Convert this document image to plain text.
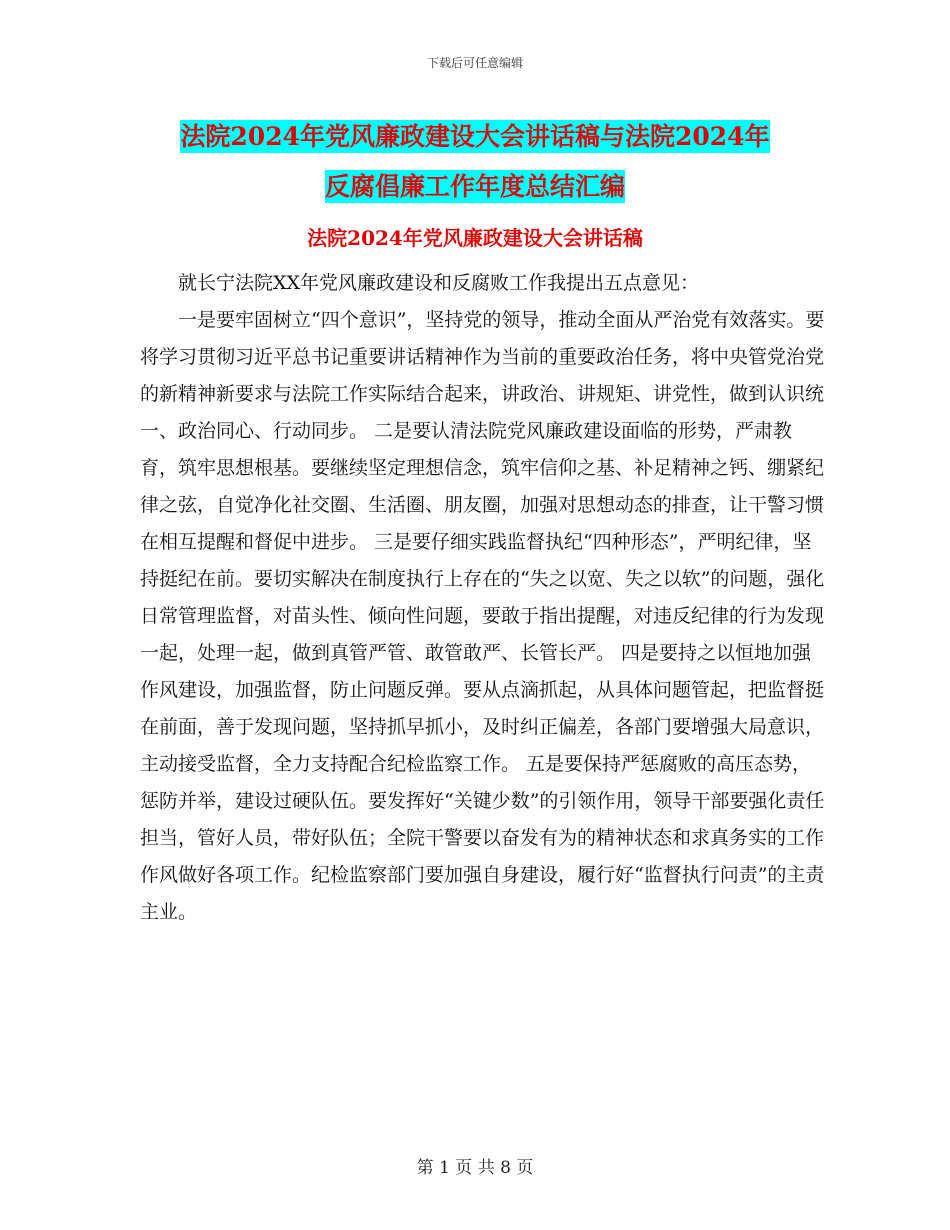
下载后可任意编辑
法院2024年党风廉政建设大会讲话稿与法院2024年
反腐倡廉工作年度总结汇编
法院2024年党风廉政建设大会讲话稿

就长宁法院XX年党风廉政建设和反腐败工作我提出五点意见：

一是要牢固树立“四个意识”，坚持党的领导，推动全面从严治党有效落实。要将学习贯彻习近平总书记重要讲话精神作为当前的重要政治任务，将中央管党治党的新精神新要求与法院工作实际结合起来，讲政治、讲规矩、讲党性，做到认识统一、政治同心、行动同步。 二是要认清法院党风廉政建设面临的形势，严肃教育，筑牢思想根基。要继续坚定理想信念，筑牢信仰之基、补足精神之钙、绷紧纪律之弦，自觉净化社交圈、生活圈、朋友圈，加强对思想动态的排查，让干警习惯在相互提醒和督促中进步。 三是要仔细实践监督执纪“四种形态”，严明纪律，坚持挺纪在前。要切实解决在制度执行上存在的“失之以宽、失之以软”的问题，强化日常管理监督，对苗头性、倾向性问题，要敢于指出提醒，对违反纪律的行为发现一起，处理一起，做到真管严管、敢管敢严、长管长严。 四是要持之以恒地加强作风建设，加强监督，防止问题反弹。要从点滴抓起，从具体问题管起，把监督挺在前面，善于发现问题，坚持抓早抓小，及时纠正偏差，各部门要增强大局意识，主动接受监督，全力支持配合纪检监察工作。 五是要保持严惩腐败的高压态势，惩防并举，建设过硬队伍。要发挥好“关键少数”的引领作用，领导干部要强化责任担当，管好人员，带好队伍；全院干警要以奋发有为的精神状态和求真务实的工作作风做好各项工作。纪检监察部门要加强自身建设，履行好“监督执行问责”的主责主业。

第 1 页 共 8 页
